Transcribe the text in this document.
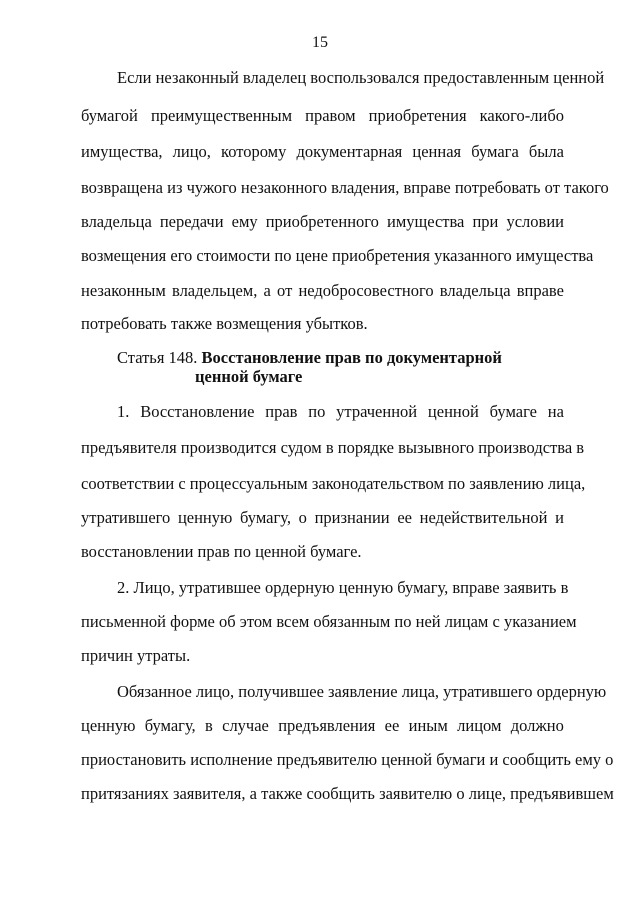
15
Если незаконный владелец воспользовался предоставленным ценной
бумагой преимущественным правом приобретения какого-либо
имущества, лицо, которому документарная ценная бумага была
возвращена из чужого незаконного владения, вправе потребовать от такого
владельца передачи ему приобретенного имущества при условии
возмещения его стоимости по цене приобретения указанного имущества
незаконным владельцем, а от недобросовестного владельца вправе
потребовать также возмещения убытков.
Статья 148. Восстановление прав по документарной
ценной бумаге
1. Восстановление прав по утраченной ценной бумаге на
предъявителя производится судом в порядке вызывного производства в
соответствии с процессуальным законодательством по заявлению лица,
утратившего ценную бумагу, о признании ее недействительной и
восстановлении прав по ценной бумаге.
2. Лицо, утратившее ордерную ценную бумагу, вправе заявить в
письменной форме об этом всем обязанным по ней лицам с указанием
причин утраты.
Обязанное лицо, получившее заявление лица, утратившего ордерную
ценную бумагу, в случае предъявления ее иным лицом должно
приостановить исполнение предъявителю ценной бумаги и сообщить ему о
притязаниях заявителя, а также сообщить заявителю о лице, предъявившем
